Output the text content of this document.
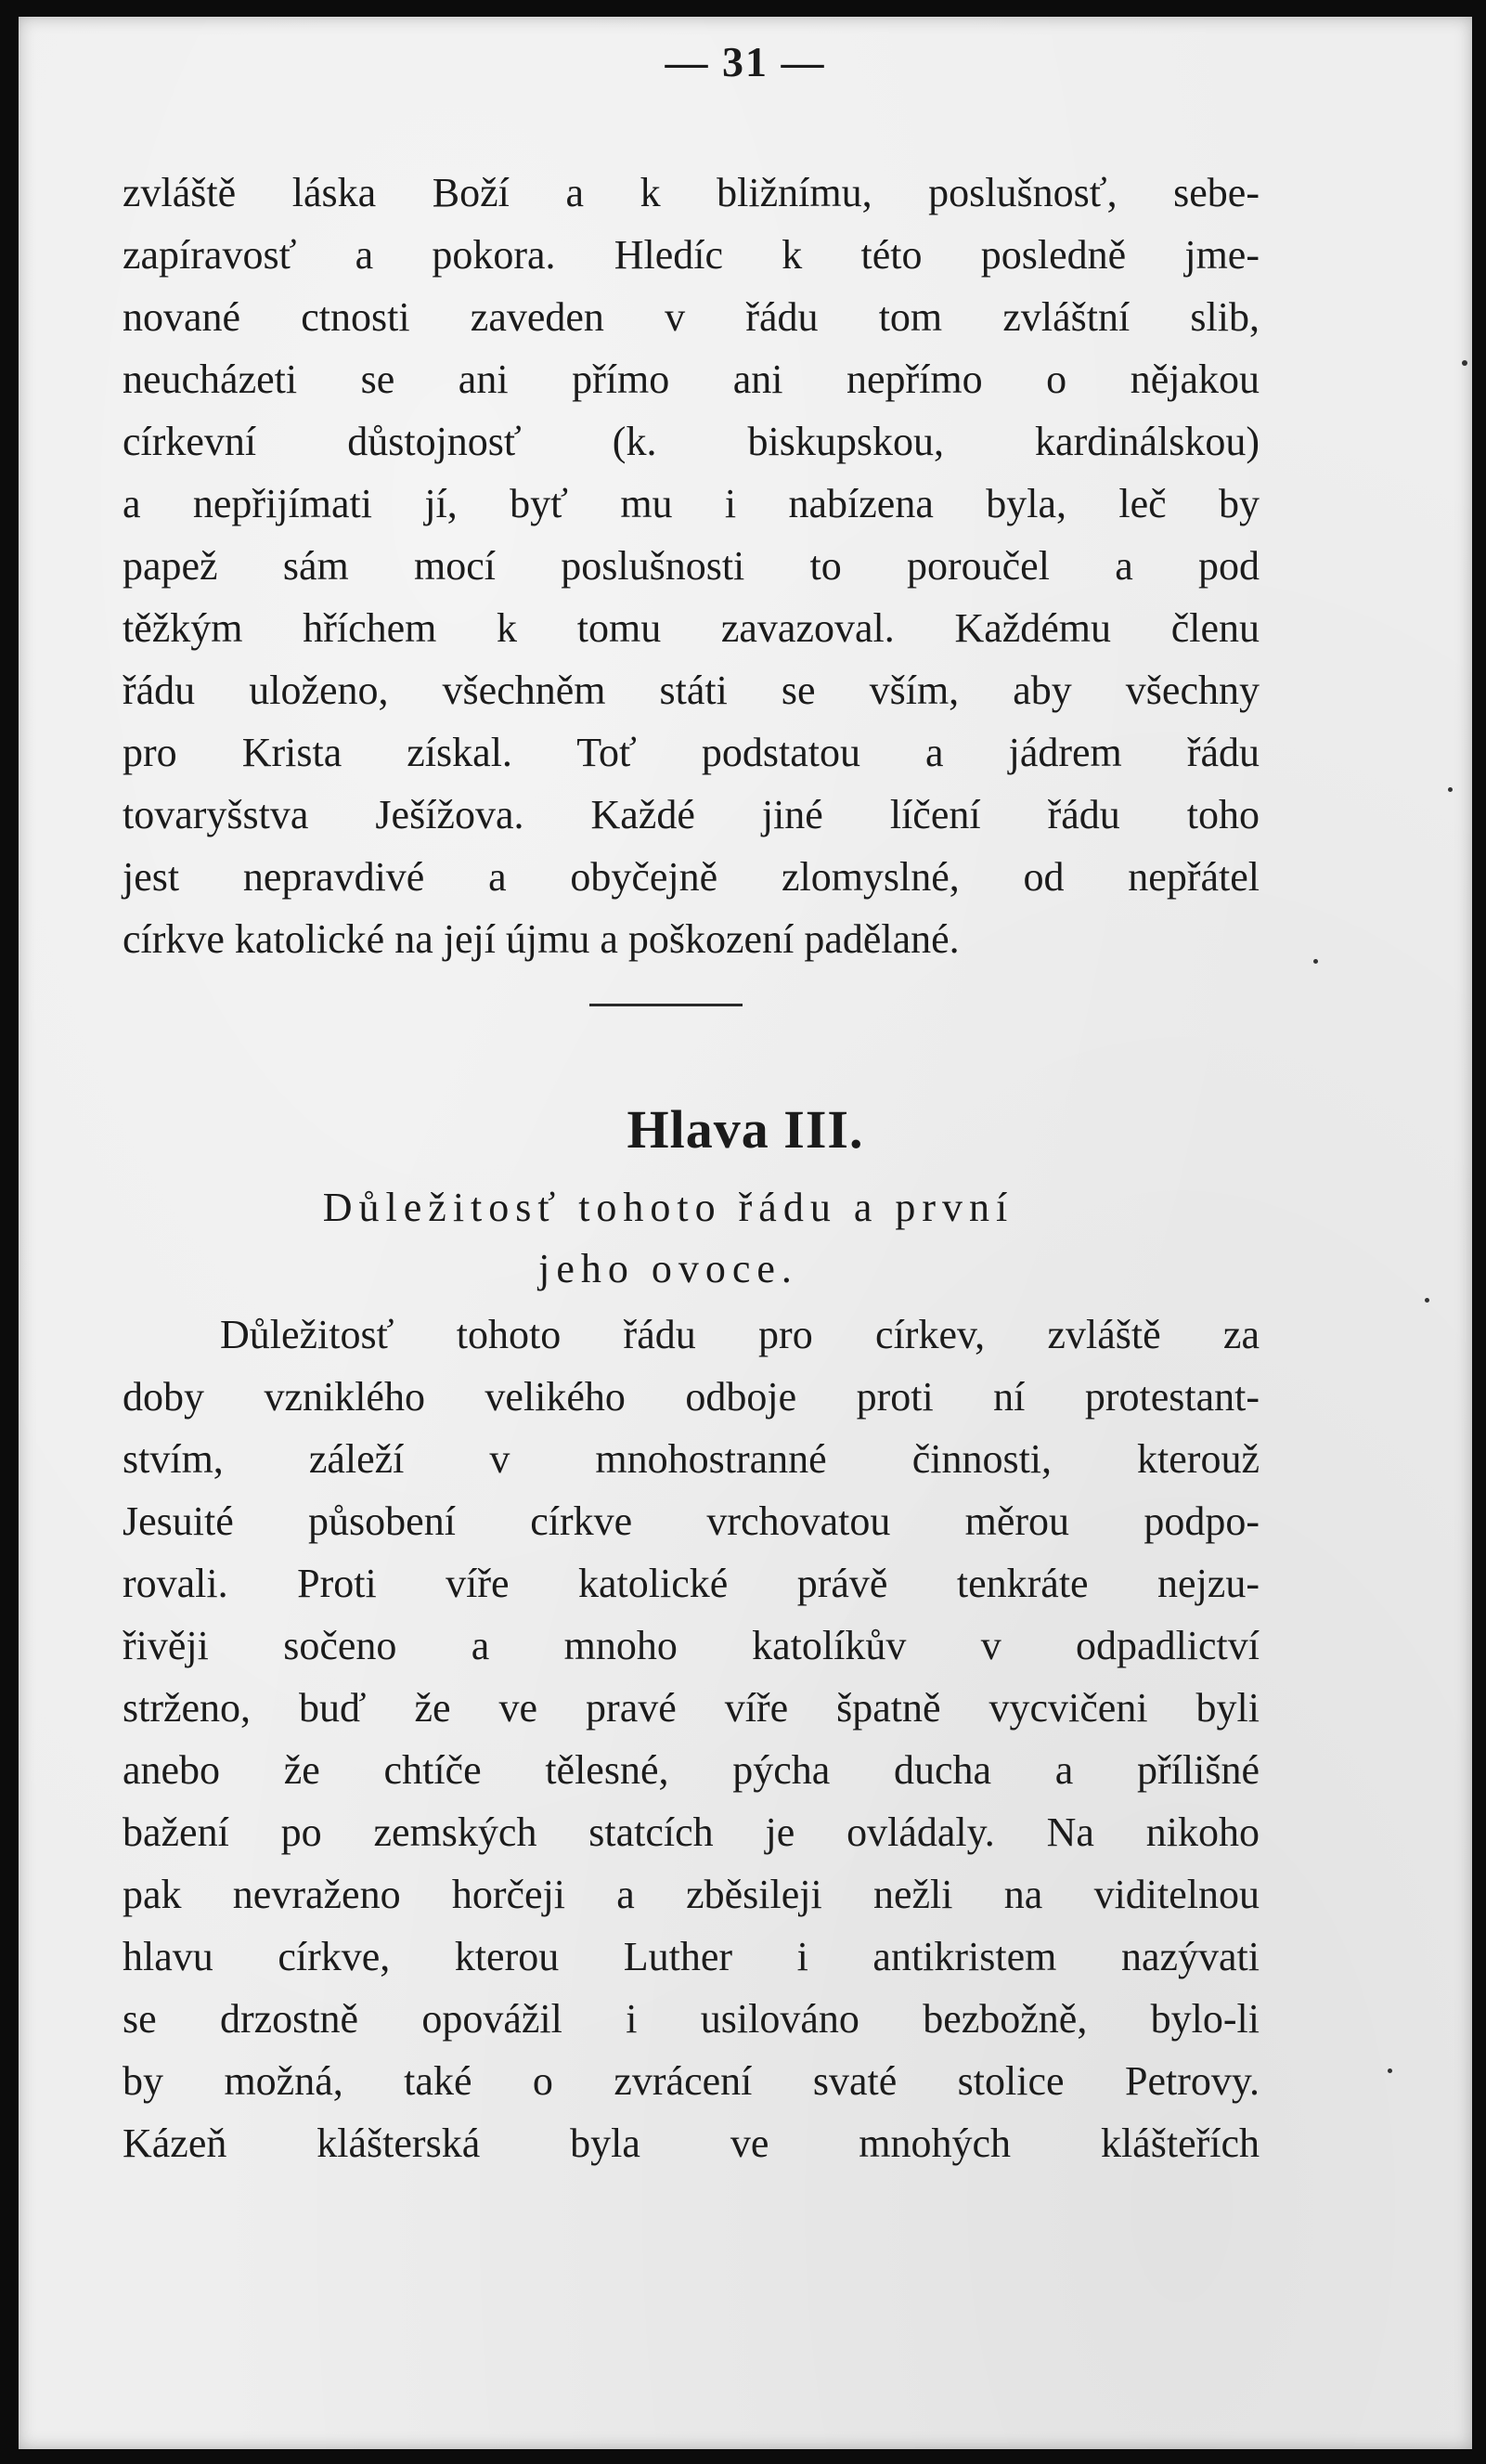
— 31 —
zvláště láska Boží a k bližnímu, poslušnosť, sebe-
zapíravosť a pokora. Hledíc k této posledně jme-
nované ctnosti zaveden v řádu tom zvláštní slib,
neucházeti se ani přímo ani nepřímo o nějakou
církevní důstojnosť (k. biskupskou, kardinálskou)
a nepřijímati jí, byť mu i nabízena byla, leč by
papež sám mocí poslušnosti to poroučel a pod
těžkým hříchem k tomu zavazoval. Každému členu
řádu uloženo, všechněm státi se vším, aby všechny
pro Krista získal. Toť podstatou a jádrem řádu
tovaryšstva Ješížova. Každé jiné líčení řádu toho
jest nepravdivé a obyčejně zlomyslné, od nepřátel
církve katolické na její újmu a poškození padělané.
Hlava III.
Důležitosť tohoto řádu a první
jeho ovoce.
Důležitosť tohoto řádu pro církev, zvláště za
doby vzniklého velikého odboje proti ní protestant-
stvím, záleží v mnohostranné činnosti, kterouž
Jesuité působení církve vrchovatou měrou podpo-
rovali. Proti víře katolické právě tenkráte nejzu-
řivěji sočeno a mnoho katolíkův v odpadlictví
strženo, buď že ve pravé víře špatně vycvičeni byli
anebo že chtíče tělesné, pýcha ducha a přílišné
bažení po zemských statcích je ovládaly. Na nikoho
pak nevraženo horčeji a zběsileji nežli na viditelnou
hlavu církve, kterou Luther i antikristem nazývati
se drzostně opovážil i usilováno bezbožně, bylo-li
by možná, také o zvrácení svaté stolice Petrovy.
Kázeň klášterská byla ve mnohých klášteřích
